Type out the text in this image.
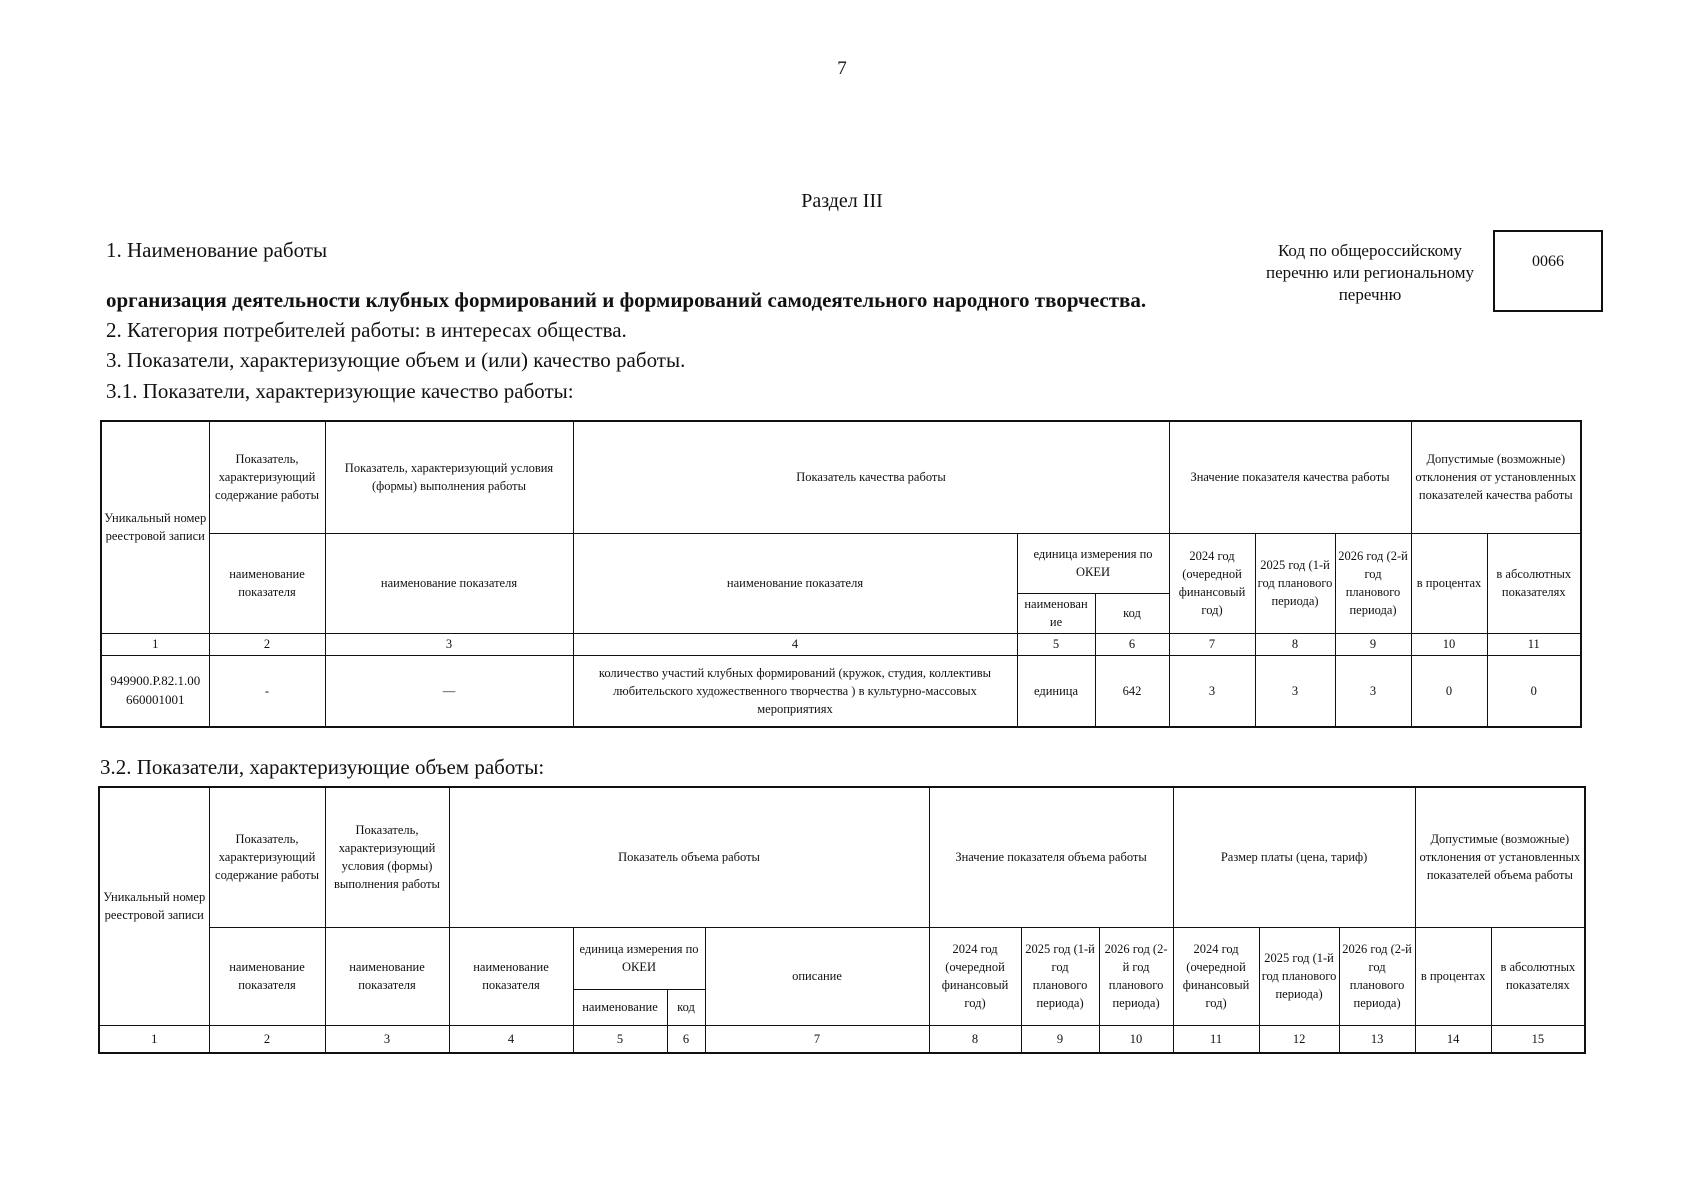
7
Раздел III
1. Наименование работы	Код по общероссийскому
перечню или региональному
перечню
0066
организация деятельности клубных формирований и формирований самодеятельного народного творчества.
2. Категория потребителей работы: в интересах общества.
3. Показатели, характеризующие объем и (или) качество работы.
3.1. Показатели, характеризующие качество работы:
Уникальный номер реестровой записи	Показатель, характеризующий содержание работы	Показатель, характеризующий условия (формы) выполнения работы	Показатель качества работы			Значение показателя качества работы			Допустимые (возможные) отклонения от установленных показателей качества работы	
	наименование показателя	наименование показателя	наименование показателя	единица измерения по ОКЕИ		2024 год (очередной финансовый год)	2025 год (1-й год планового периода)	2026 год (2-й год планового периода)	в процентах	в абсолютных показателях
				наименован ие	код					
1	2	3	4	5	6	7	8	9	10	11
949900.Р.82.1.00 660001001	-	—	количество участий клубных формирований (кружок, студия, коллективы любительского художественного творчества ) в культурно-массовых мероприятиях	единица	642	3	3	3	0	0
3.2. Показатели, характеризующие объем работы:
Уникальный номер реестровой записи	Показатель, характеризующий содержание работы	Показатель, характеризующий условия (формы) выполнения работы	Показатель объема работы				Значение показателя объема работы			Размер платы (цена, тариф)			Допустимые (возможные) отклонения от установленных показателей объема работы	
	наименование показателя	наименование показателя	наименование показателя	единица измерения по ОКЕИ		описание	2024 год (очередной финансовый год)	2025 год (1-й год планового периода)	2026 год (2-й год планового периода)	2024 год (очередной финансовый год)	2025 год (1-й год планового периода)	2026 год (2-й год планового периода)	в процентах	в абсолютных показателях
				наименование	код									
1	2	3	4	5	6	7	8	9	10	11	12	13	14	15
